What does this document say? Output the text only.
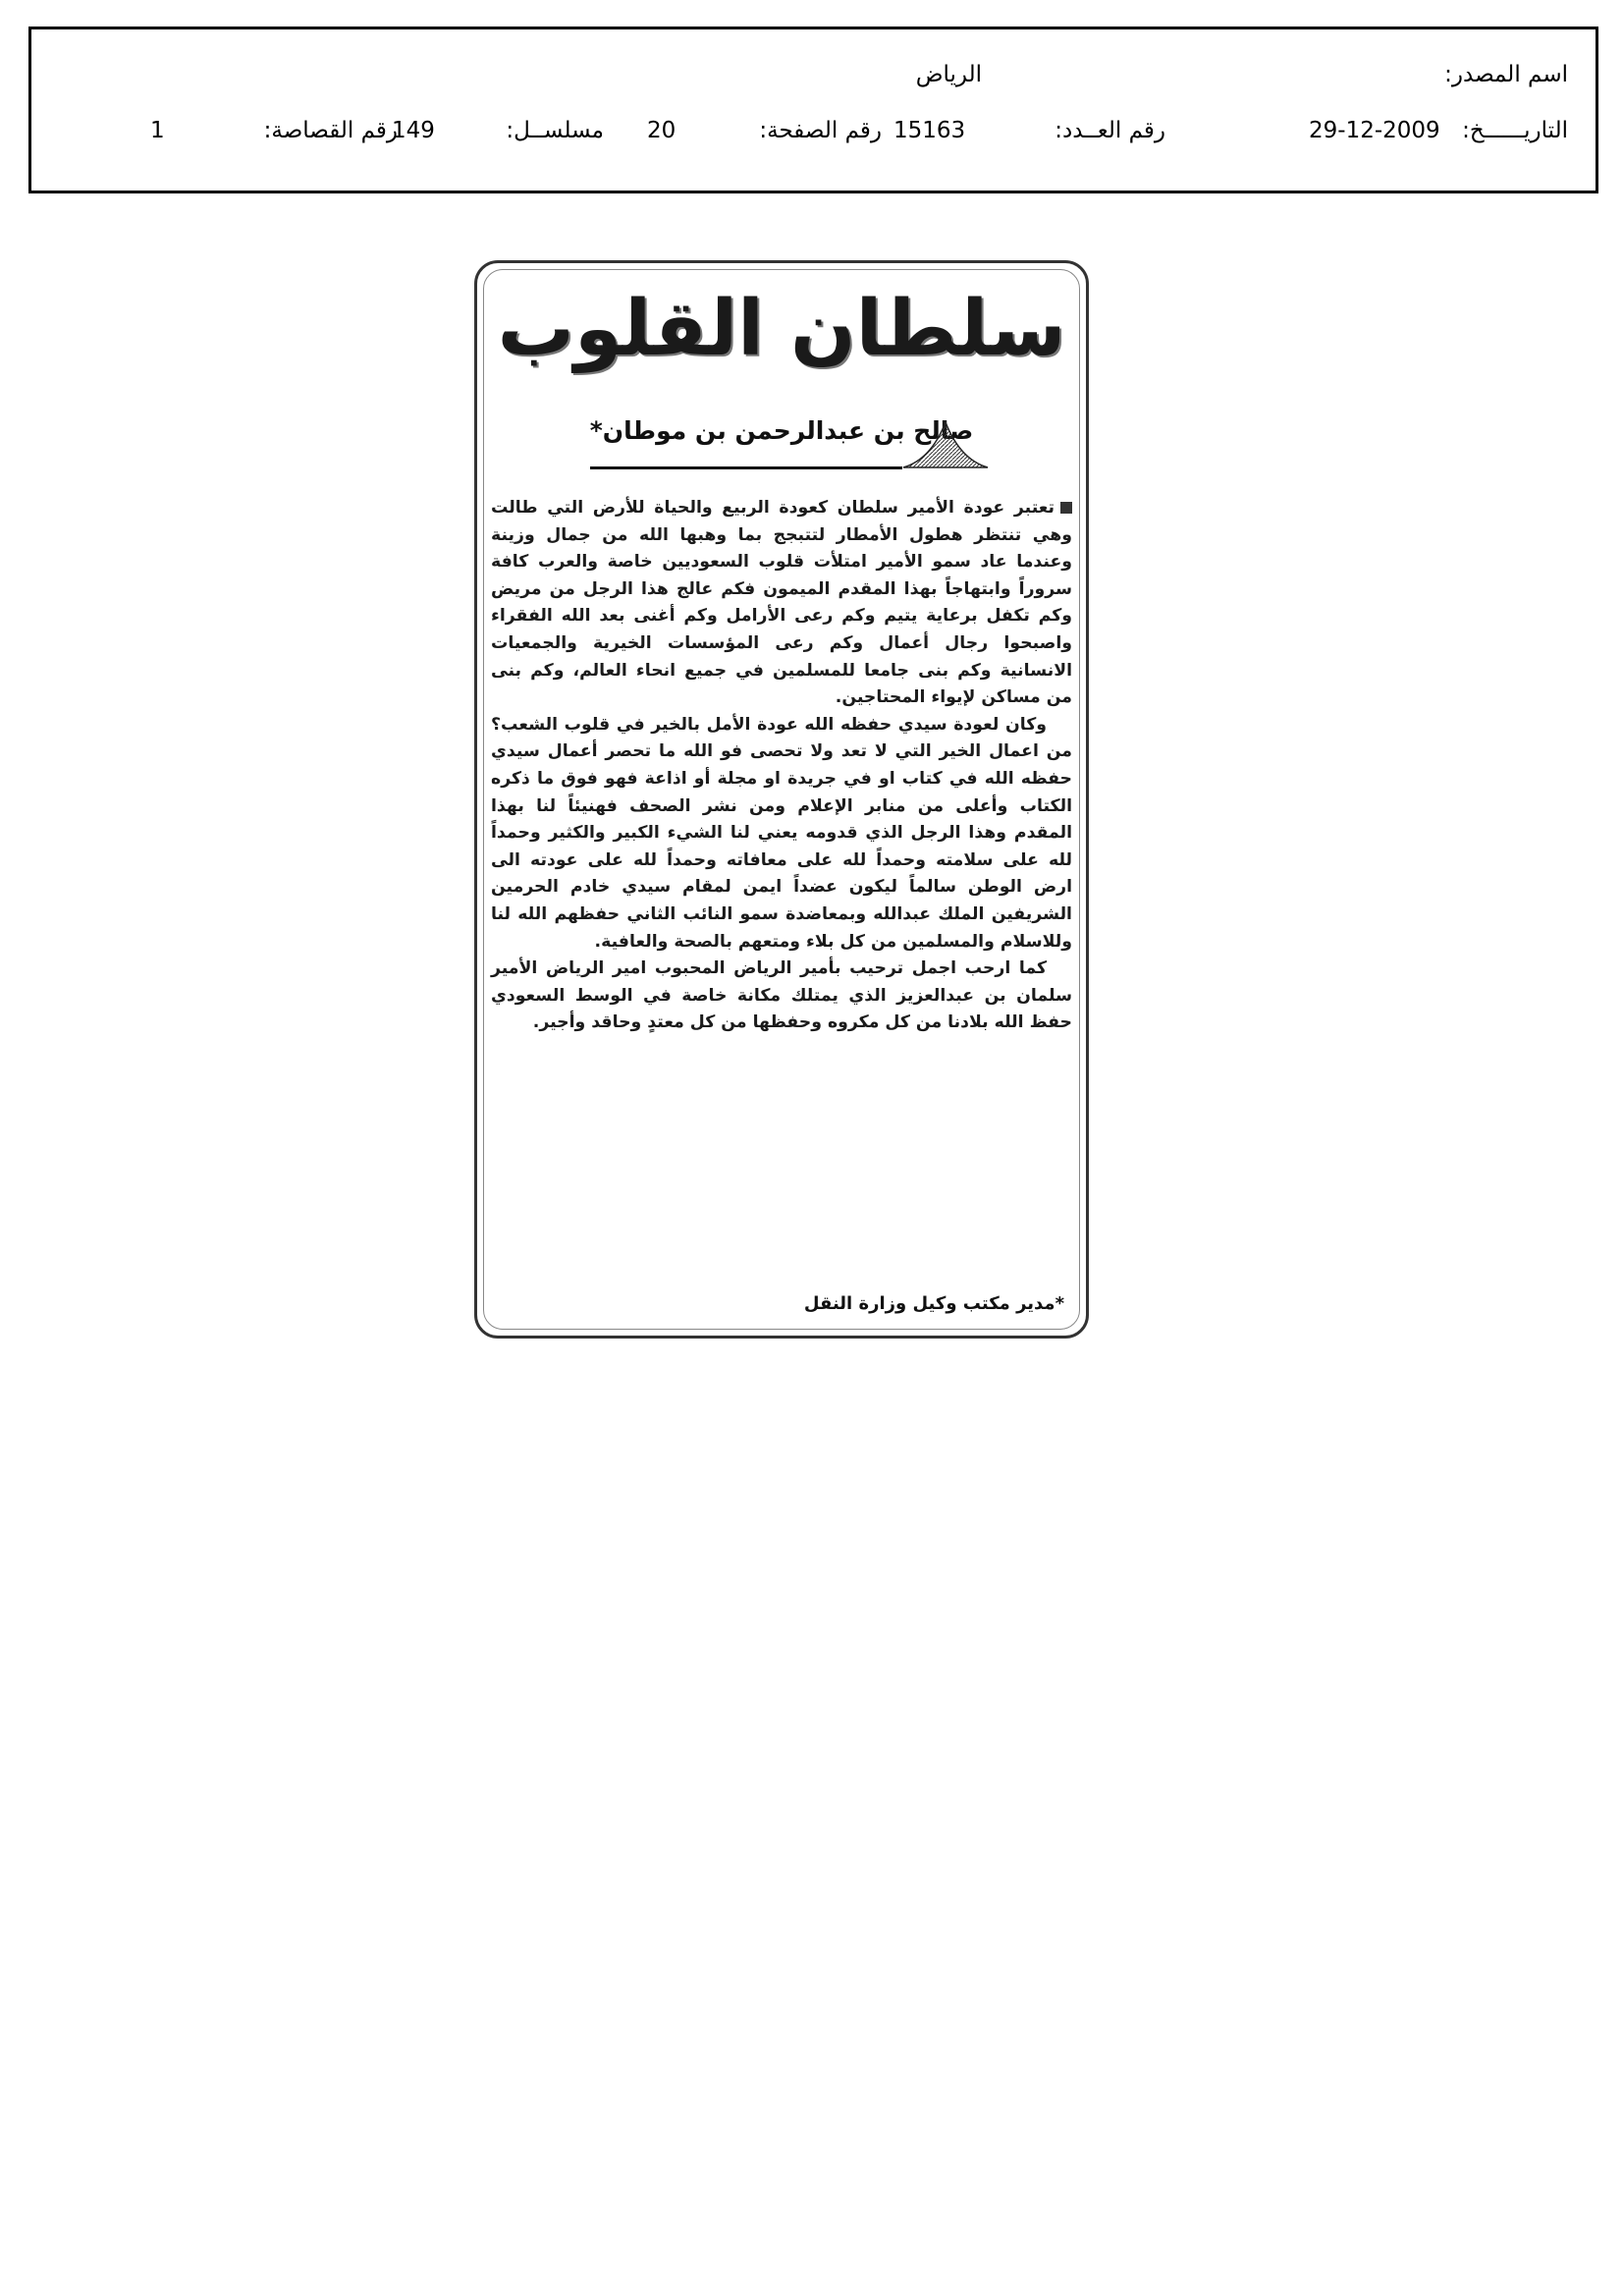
اسم المصدر:
الرياض
التاريــــــخ:
29-12-2009
رقم العــدد:
15163
رقم الصفحة:
20
مسلســل:
149
رقم القصاصة:
1
سلطان القلوب
صالح بن عبدالرحمن بن موطان*

تعتبر عودة الأمير سلطان كعودة الربيع والحياة للأرض التي طالت وهي تنتظر هطول الأمطار لتتبجج بما وهبها الله من جمال وزينة وعندما عاد سمو الأمير امتلأت قلوب السعوديين خاصة والعرب كافة سروراً وابتهاجاً بهذا المقدم الميمون فكم عالج هذا الرجل من مريض وكم تكفل برعاية يتيم وكم رعى الأرامل وكم أغنى بعد الله الفقراء واصبحوا رجال أعمال وكم رعى المؤسسات الخيرية والجمعيات الانسانية وكم بنى جامعا للمسلمين في جميع انحاء العالم، وكم بنى من مساكن لإيواء المحتاجين.

وكان لعودة سيدي حفظه الله عودة الأمل بالخير في قلوب الشعب؟ من اعمال الخير التي لا تعد ولا تحصى فو الله ما تحصر أعمال سيدي حفظه الله في كتاب او في جريدة او مجلة أو اذاعة فهو فوق ما ذكره الكتاب وأعلى من منابر الإعلام ومن نشر الصحف فهنيئاً لنا بهذا المقدم وهذا الرجل الذي قدومه يعني لنا الشيء الكبير والكثير وحمداً لله على سلامته وحمداً لله على معافاته وحمداً لله على عودته الى ارض الوطن سالماً ليكون عضداً ايمن لمقام سيدي خادم الحرمين الشريفين الملك عبدالله وبمعاضدة سمو النائب الثاني حفظهم الله لنا وللاسلام والمسلمين من كل بلاء ومتعهم بالصحة والعافية.

كما ارحب اجمل ترحيب بأمير الرياض المحبوب امير الرياض الأمير سلمان بن عبدالعزيز الذي يمتلك مكانة خاصة في الوسط السعودي حفظ الله بلادنا من كل مكروه وحفظها من كل معتدٍ وحاقد وأجير.

*مدير مكتب وكيل وزارة النقل
